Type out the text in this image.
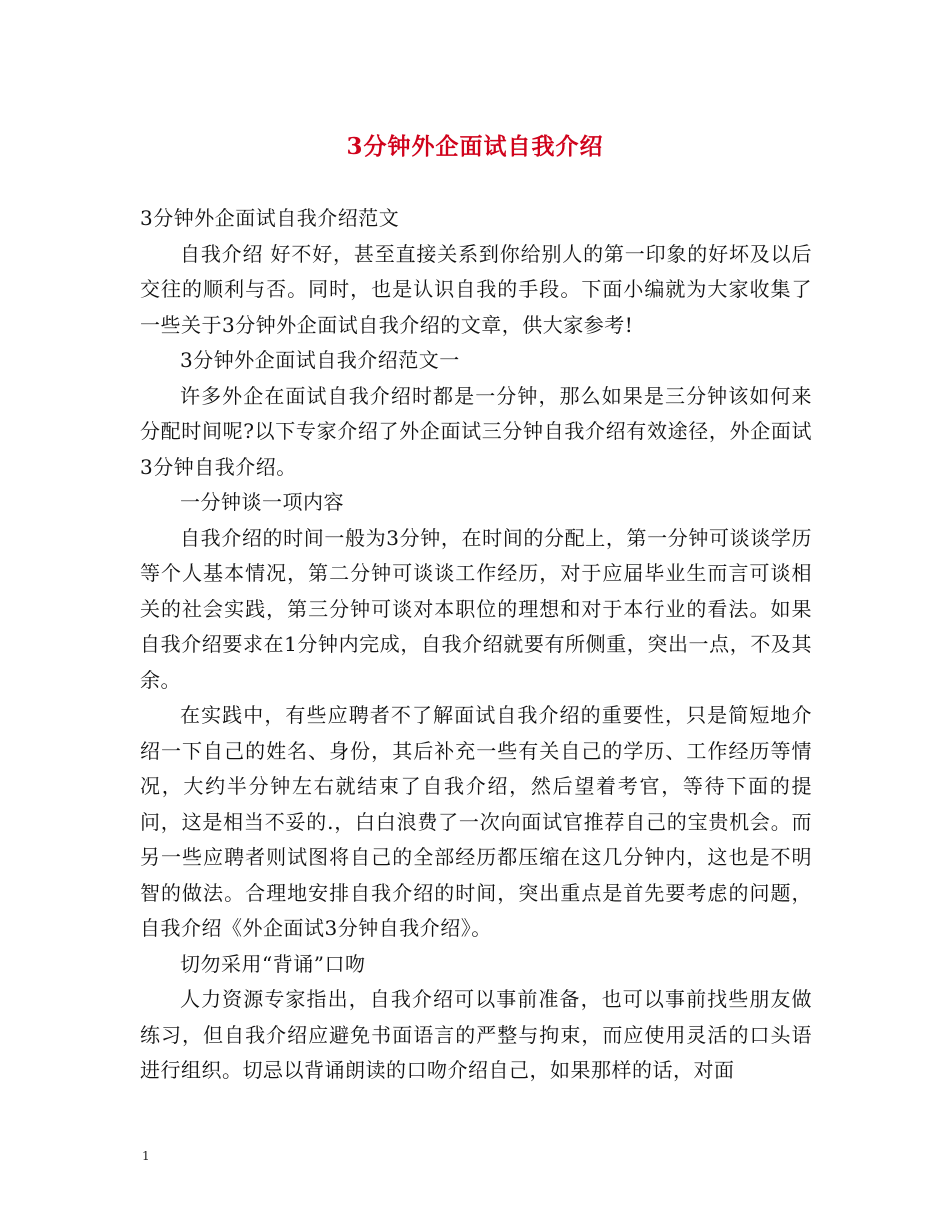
3分钟外企面试自我介绍

3分钟外企面试自我介绍范文

自我介绍 好不好，甚至直接关系到你给别人的第一印象的好坏及以后交往的顺利与否。同时，也是认识自我的手段。下面小编就为大家收集了一些关于3分钟外企面试自我介绍的文章，供大家参考!

3分钟外企面试自我介绍范文一

许多外企在面试自我介绍时都是一分钟，那么如果是三分钟该如何来分配时间呢?以下专家介绍了外企面试三分钟自我介绍有效途径，外企面试3分钟自我介绍。

一分钟谈一项内容

自我介绍的时间一般为3分钟，在时间的分配上，第一分钟可谈谈学历等个人基本情况，第二分钟可谈谈工作经历，对于应届毕业生而言可谈相关的社会实践，第三分钟可谈对本职位的理想和对于本行业的看法。如果自我介绍要求在1分钟内完成，自我介绍就要有所侧重，突出一点，不及其余。

在实践中，有些应聘者不了解面试自我介绍的重要性，只是简短地介绍一下自己的姓名、身份，其后补充一些有关自己的学历、工作经历等情况，大约半分钟左右就结束了自我介绍，然后望着考官，等待下面的提问，这是相当不妥的.，白白浪费了一次向面试官推荐自己的宝贵机会。而另一些应聘者则试图将自己的全部经历都压缩在这几分钟内，这也是不明智的做法。合理地安排自我介绍的时间，突出重点是首先要考虑的问题，自我介绍《外企面试3分钟自我介绍》。

切勿采用“背诵”口吻

人力资源专家指出，自我介绍可以事前准备，也可以事前找些朋友做练习，但自我介绍应避免书面语言的严整与拘束，而应使用灵活的口头语进行组织。切忌以背诵朗读的口吻介绍自己，如果那样的话，对面

1
